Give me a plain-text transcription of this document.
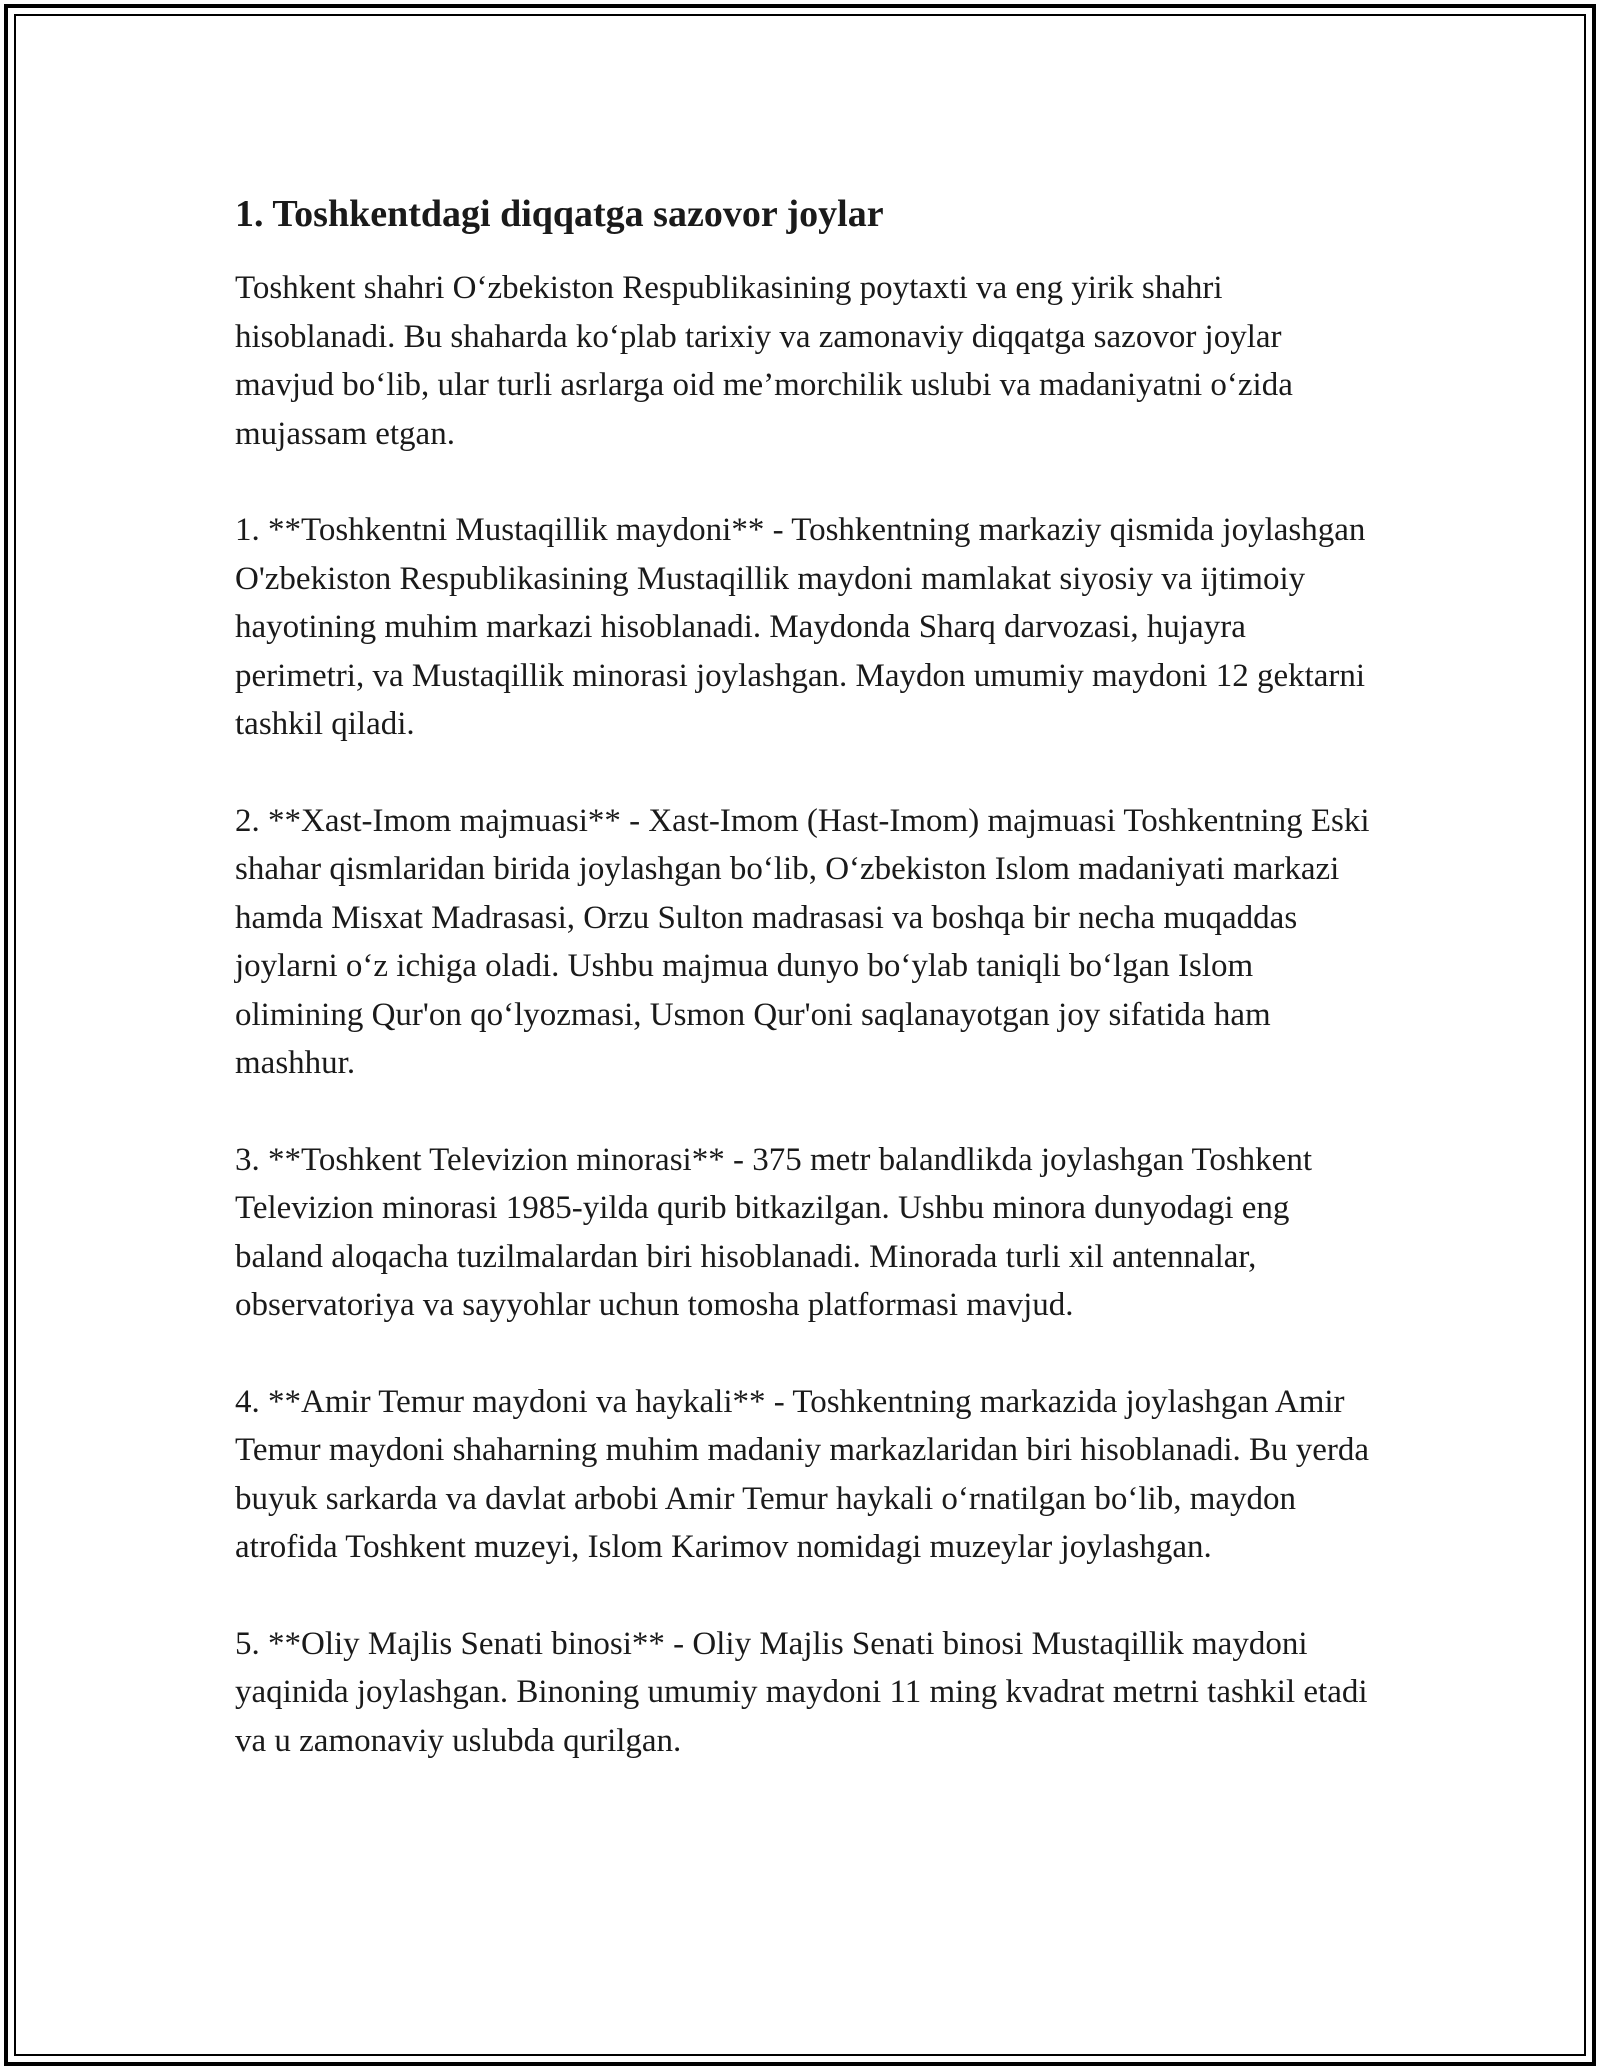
1. Toshkentdagi diqqatga sazovor joylar

Toshkent shahri O‘zbekiston Respublikasining poytaxti va eng yirik shahri hisoblanadi. Bu shaharda ko‘plab tarixiy va zamonaviy diqqatga sazovor joylar mavjud bo‘lib, ular turli asrlarga oid me’morchilik uslubi va madaniyatni o‘zida mujassam etgan.

1. **Toshkentni Mustaqillik maydoni** - Toshkentning markaziy qismida joylashgan O'zbekiston Respublikasining Mustaqillik maydoni mamlakat siyosiy va ijtimoiy hayotining muhim markazi hisoblanadi. Maydonda Sharq darvozasi, hujayra perimetri, va Mustaqillik minorasi joylashgan. Maydon umumiy maydoni 12 gektarni tashkil qiladi.

2. **Xast-Imom majmuasi** - Xast-Imom (Hast-Imom) majmuasi Toshkentning Eski shahar qismlaridan birida joylashgan bo‘lib, O‘zbekiston Islom madaniyati markazi hamda Misxat Madrasasi, Orzu Sulton madrasasi va boshqa bir necha muqaddas joylarni o‘z ichiga oladi. Ushbu majmua dunyo bo‘ylab taniqli bo‘lgan Islom olimining Qur'on qo‘lyozmasi, Usmon Qur'oni saqlanayotgan joy sifatida ham mashhur.

3. **Toshkent Televizion minorasi** - 375 metr balandlikda joylashgan Toshkent Televizion minorasi 1985-yilda qurib bitkazilgan. Ushbu minora dunyodagi eng baland aloqacha tuzilmalardan biri hisoblanadi. Minorada turli xil antennalar, observatoriya va sayyohlar uchun tomosha platformasi mavjud.

4. **Amir Temur maydoni va haykali** - Toshkentning markazida joylashgan Amir Temur maydoni shaharning muhim madaniy markazlaridan biri hisoblanadi. Bu yerda buyuk sarkarda va davlat arbobi Amir Temur haykali o‘rnatilgan bo‘lib, maydon atrofida Toshkent muzeyi, Islom Karimov nomidagi muzeylar joylashgan.

5. **Oliy Majlis Senati binosi** - Oliy Majlis Senati binosi Mustaqillik maydoni yaqinida joylashgan. Binoning umumiy maydoni 11 ming kvadrat metrni tashkil etadi va u zamonaviy uslubda qurilgan.
